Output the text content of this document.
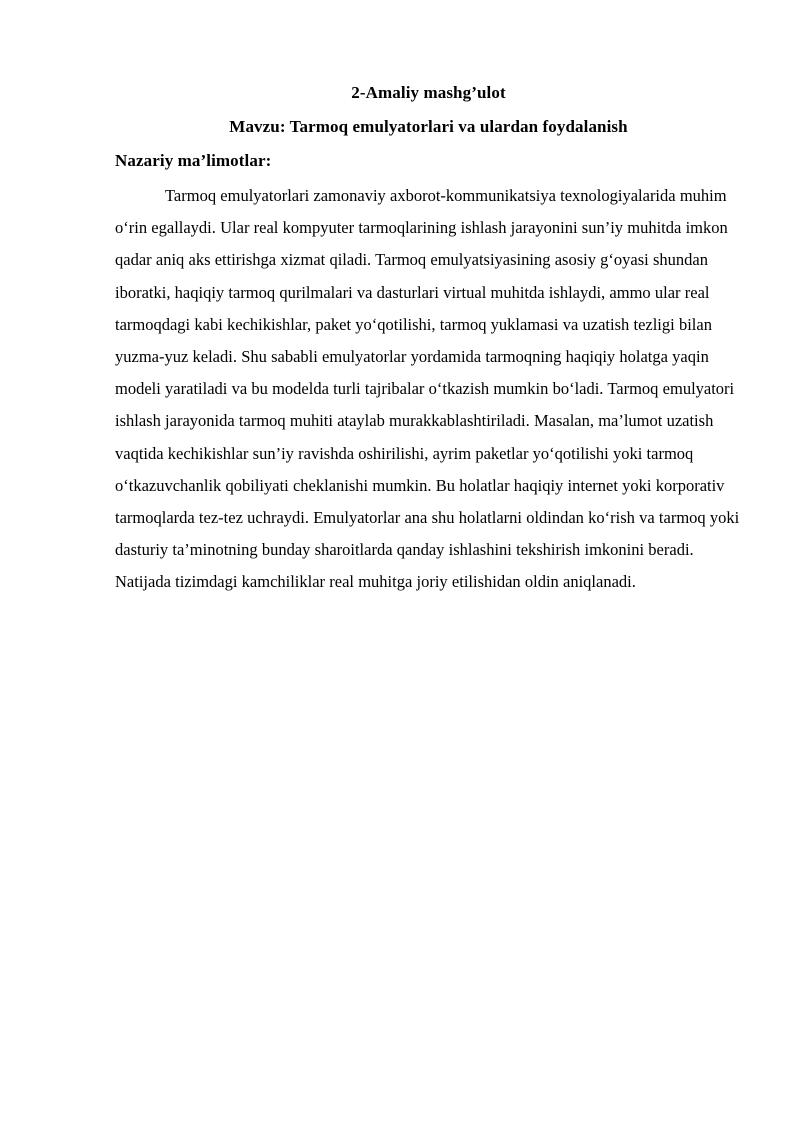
2-Amaliy mashg’ulot
Mavzu: Tarmoq emulyatorlari va ulardan foydalanish
Nazariy ma’limotlar:

Tarmoq emulyatorlari zamonaviy axborot-kommunikatsiya texnologiyalarida muhim oʻrin egallaydi. Ular real kompyuter tarmoqlarining ishlash jarayonini sun’iy muhitda imkon qadar aniq aks ettirishga xizmat qiladi. Tarmoq emulyatsiyasining asosiy gʻoyasi shundan iboratki, haqiqiy tarmoq qurilmalari va dasturlari virtual muhitda ishlaydi, ammo ular real tarmoqdagi kabi kechikishlar, paket yoʻqotilishi, tarmoq yuklamasi va uzatish tezligi bilan yuzma-yuz keladi. Shu sababli emulyatorlar yordamida tarmoqning haqiqiy holatga yaqin modeli yaratiladi va bu modelda turli tajribalar oʻtkazish mumkin boʻladi. Tarmoq emulyatori ishlash jarayonida tarmoq muhiti ataylab murakkablashtiriladi. Masalan, ma’lumot uzatish vaqtida kechikishlar sun’iy ravishda oshirilishi, ayrim paketlar yoʻqotilishi yoki tarmoq oʻtkazuvchanlik qobiliyati cheklanishi mumkin. Bu holatlar haqiqiy internet yoki korporativ tarmoqlarda tez-tez uchraydi. Emulyatorlar ana shu holatlarni oldindan koʻrish va tarmoq yoki dasturiy ta’minotning bunday sharoitlarda qanday ishlashini tekshirish imkonini beradi. Natijada tizimdagi kamchiliklar real muhitga joriy etilishidan oldin aniqlanadi.
